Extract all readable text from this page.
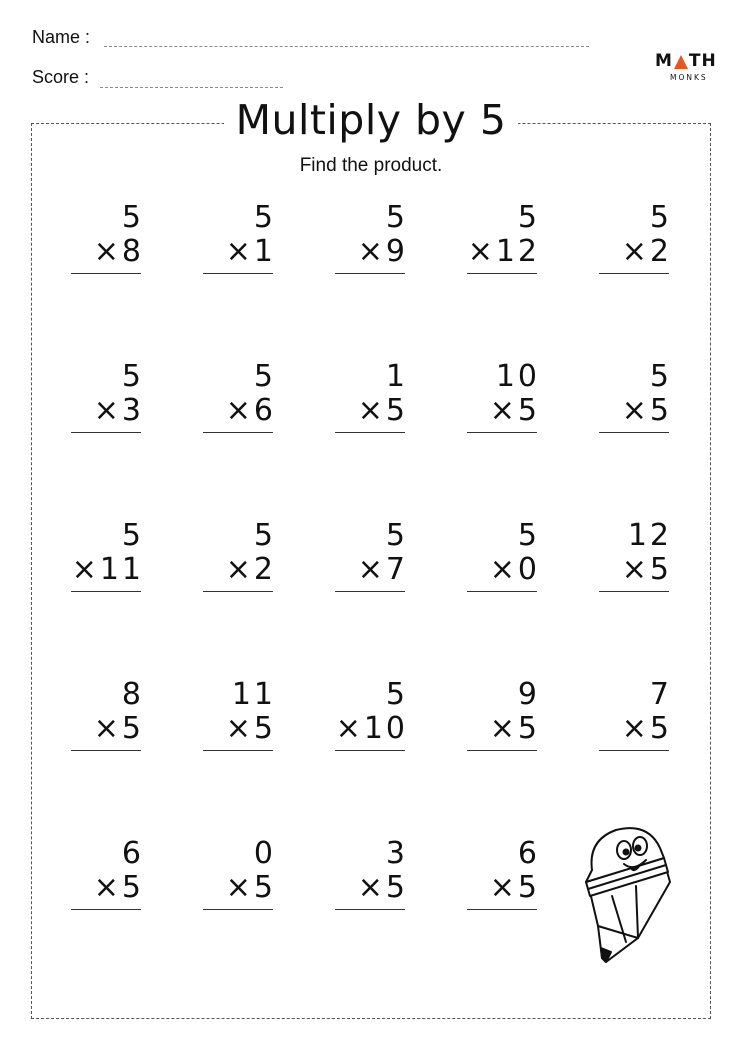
Name :
Score :
M TH
MONKS
Multiply by 5
Find the product.
5
×8
5
×1
5
×9
5
×12
5
×2
5
×3
5
×6
1
×5
10
×5
5
×5
5
×11
5
×2
5
×7
5
×0
12
×5
8
×5
11
×5
5
×10
9
×5
7
×5
6
×5
0
×5
3
×5
6
×5
